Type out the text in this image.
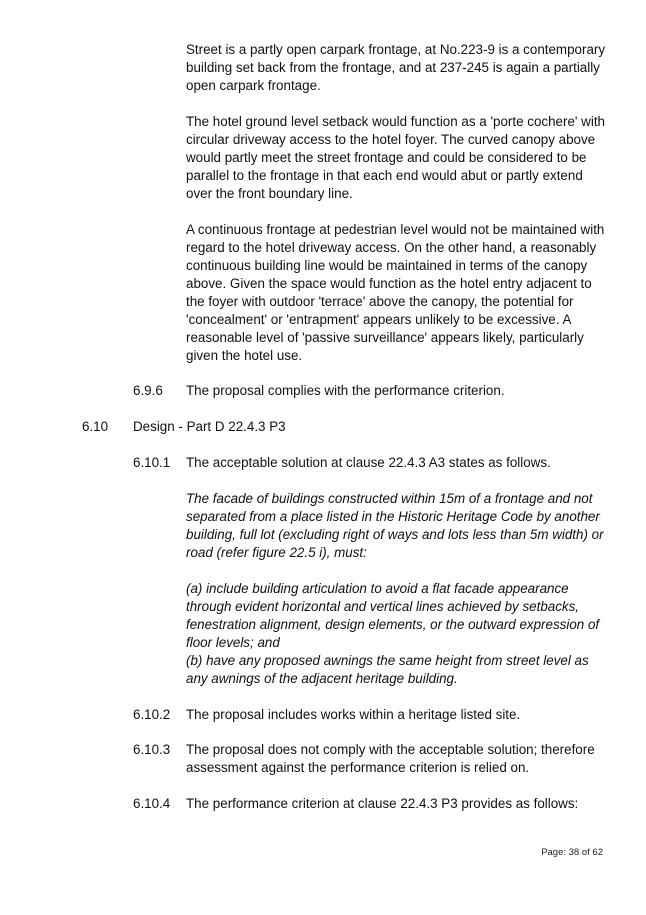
Street is a partly open carpark frontage, at No.223-9 is a contemporary building set back from the frontage, and at 237-245 is again a partially open carpark frontage.

The hotel ground level setback would function as a 'porte cochere' with circular driveway access to the hotel foyer. The curved canopy above would partly meet the street frontage and could be considered to be parallel to the frontage in that each end would abut or partly extend over the front boundary line.

A continuous frontage at pedestrian level would not be maintained with regard to the hotel driveway access. On the other hand, a reasonably continuous building line would be maintained in terms of the canopy above. Given the space would function as the hotel entry adjacent to the foyer with outdoor 'terrace' above the canopy, the potential for 'concealment' or 'entrapment' appears unlikely to be excessive. A reasonable level of 'passive surveillance' appears likely, particularly given the hotel use.

6.9.6 The proposal complies with the performance criterion.

6.10 Design - Part D 22.4.3 P3
6.10.1 The acceptable solution at clause 22.4.3 A3 states as follows.

The facade of buildings constructed within 15m of a frontage and not separated from a place listed in the Historic Heritage Code by another building, full lot (excluding right of ways and lots less than 5m width) or road (refer figure 22.5 i), must:

(a) include building articulation to avoid a flat facade appearance through evident horizontal and vertical lines achieved by setbacks, fenestration alignment, design elements, or the outward expression of floor levels; and

(b) have any proposed awnings the same height from street level as any awnings of the adjacent heritage building.

6.10.2 The proposal includes works within a heritage listed site.

6.10.3 The proposal does not comply with the acceptable solution; therefore assessment against the performance criterion is relied on.

6.10.4 The performance criterion at clause 22.4.3 P3 provides as follows:

Page: 38 of 62
